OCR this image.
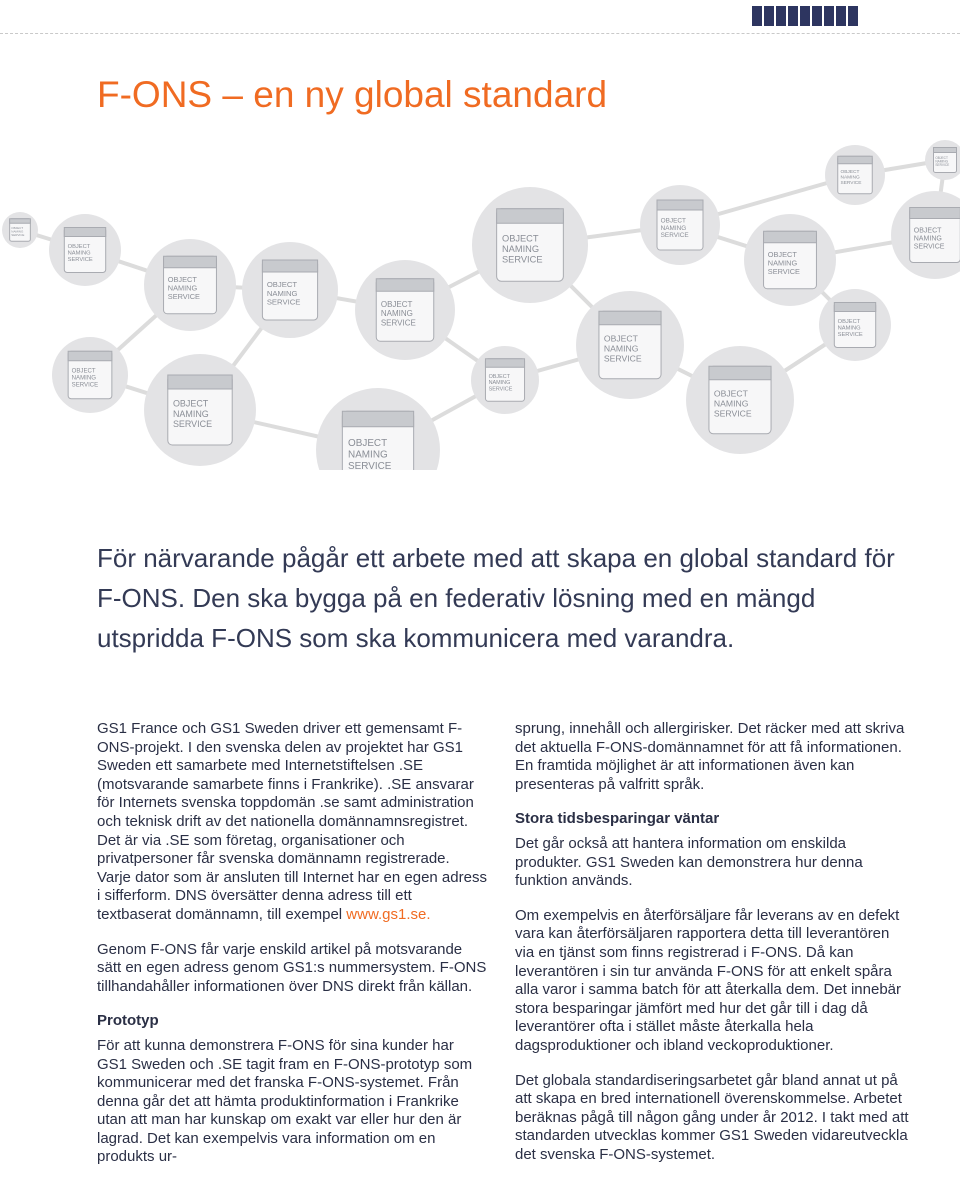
F-ONS – en ny global standard
OBJECT
NAMING
SERVICE
OBJECT
NAMING
SERVICE
OBJECT
NAMING
SERVICE	OBJECT
NAMING
SERVICE
OBJECT
NAMING
SERVICE
OBJECT
NAMING
SERVICE
OBJECT
NAMING
SERVICE
OBJECT
NAMING
SERVICE
OBJECT
NAMING
SERVICE
OBJECT
NAMING
SERVICE
OBJECT
NAMING
SERVICE
OBJECT
NAMING
SERVICE
OBJECT
NAMING
SERVICE
OBJECT
NAMING
SERVICE
OBJECT
NAMING
SERVICE
OBJECT
NAMING
SERVICE
OBJECT
NAMING
SERVICE
OBJECT
NAMING
SERVICE

För närvarande pågår ett arbete med att skapa en global standard för F-ONS. Den ska bygga på en federativ lösning med en mängd utspridda F-ONS som ska kommunicera med varandra.

GS1 France och GS1 Sweden driver ett gemensamt F-ONS-projekt. I den svenska delen av projektet har GS1 Sweden ett samarbete med Internetstiftelsen .SE (motsvarande samarbete finns i Frankrike). .SE ansvarar för Internets svenska toppdomän .se samt administration och teknisk drift av det nationella domännamnsregistret. Det är via .SE som företag, organisationer och privatpersoner får svenska domännamn registrerade. Varje dator som är ansluten till Internet har en egen adress i sifferform. DNS översätter denna adress till ett textbaserat domännamn, till exempel www.gs1.se.

Genom F-ONS får varje enskild artikel på motsvarande sätt en egen adress genom GS1:s nummersystem. F-ONS tillhandahåller informationen över DNS direkt från källan.

Prototyp

För att kunna demonstrera F-ONS för sina kunder har GS1 Sweden och .SE tagit fram en F-ONS-prototyp som kommunicerar med det franska F-ONS-systemet. Från denna går det att hämta produktinformation i Frankrike utan att man har kunskap om exakt var eller hur den är lagrad. Det kan exempelvis vara information om en produkts ur-

sprung, innehåll och allergirisker. Det räcker med att skriva det aktuella F-ONS-domännamnet för att få informationen. En framtida möjlighet är att informationen även kan presenteras på valfritt språk.

Stora tidsbesparingar väntar

Det går också att hantera information om enskilda produkter. GS1 Sweden kan demonstrera hur denna funktion används.

Om exempelvis en återförsäljare får leverans av en defekt vara kan återförsäljaren rapportera detta till leverantören via en tjänst som finns registrerad i F-ONS. Då kan leverantören i sin tur använda F-ONS för att enkelt spåra alla varor i samma batch för att återkalla dem. Det innebär stora besparingar jämfört med hur det går till i dag då leverantörer ofta i stället måste återkalla hela dagsproduktioner och ibland veckoproduktioner.

Det globala standardiseringsarbetet går bland annat ut på att skapa en bred internationell överenskommelse. Arbetet beräknas pågå till någon gång under år 2012. I takt med att standarden utvecklas kommer GS1 Sweden vidareutveckla det svenska F-ONS-systemet.
